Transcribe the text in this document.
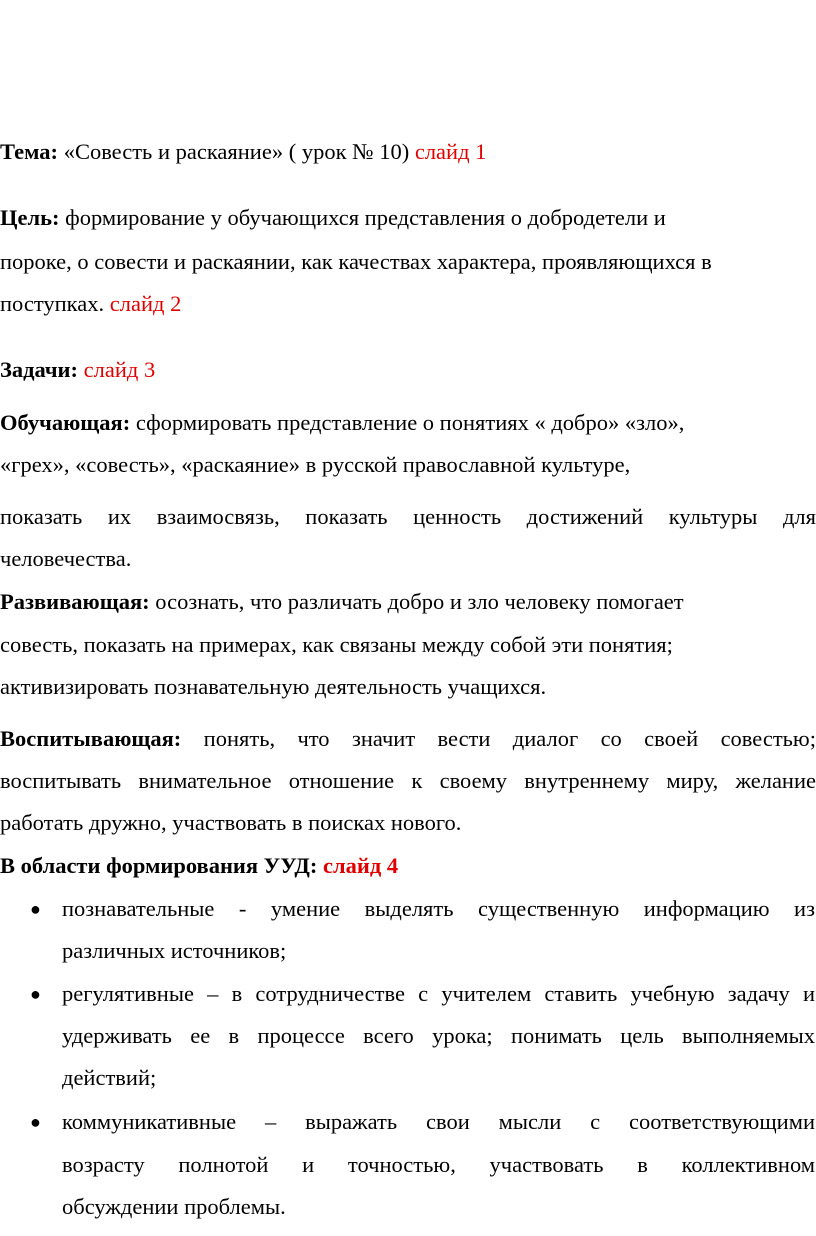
Тема: «Совесть и раскаяние» ( урок № 10) слайд 1
Цель: формирование у обучающихся представления о добродетели и
пороке, о совести и раскаянии, как качествах характера, проявляющихся в
поступках. слайд 2
Задачи: слайд 3
Обучающая: сформировать представление о понятиях « добро» «зло»,
«грех», «совесть», «раскаяние» в русской православной культуре,
показать их взаимосвязь, показать ценность достижений культуры для
человечества.
Развивающая: осознать, что различать добро и зло человеку помогает
совесть, показать на примерах, как связаны между собой эти понятия;
активизировать познавательную деятельность учащихся.
Воспитывающая: понять, что значит вести диалог со своей совестью;
воспитывать внимательное отношение к своему внутреннему миру, желание
работать дружно, участвовать в поисках нового.
В области формирования УУД: слайд 4
● познавательные - умение выделять существенную информацию из
различных источников;
● регулятивные – в сотрудничестве с учителем ставить учебную задачу и
удерживать ее в процессе всего урока; понимать цель выполняемых
действий;
● коммуникативные – выражать свои мысли с соответствующими
возрасту полнотой и точностью, участвовать в коллективном
обсуждении проблемы.
